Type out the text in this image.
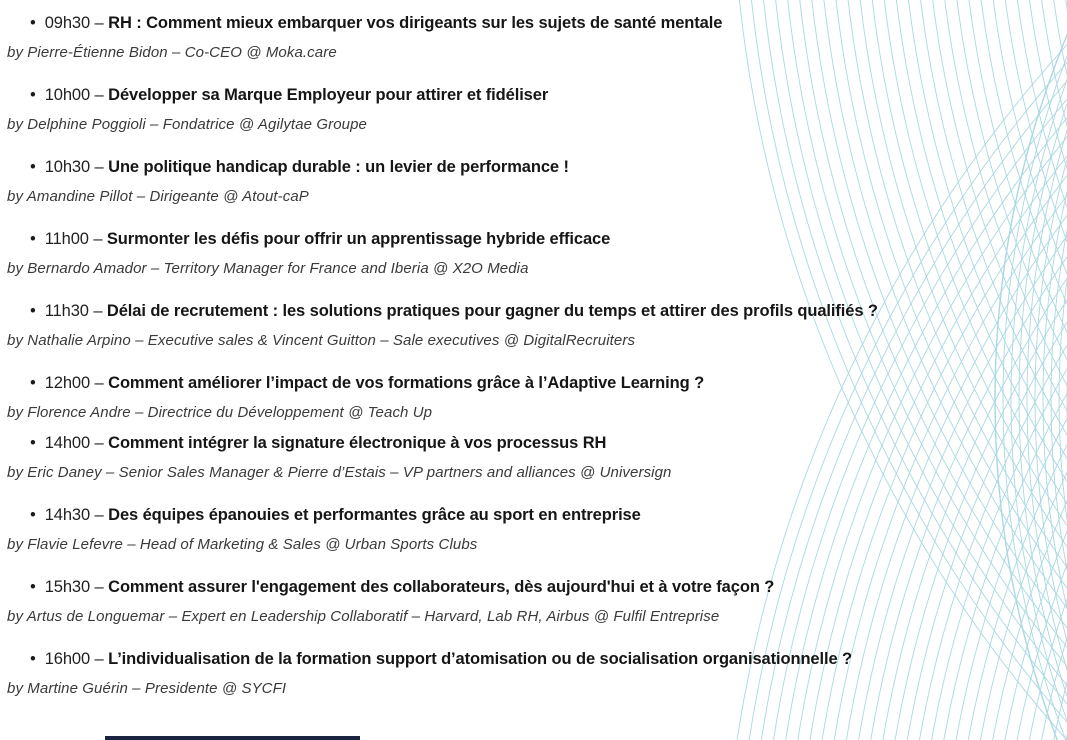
• 09h30 – RH : Comment mieux embarquer vos dirigeants sur les sujets de santé mentale
by Pierre-Étienne Bidon – Co-CEO @ Moka.care
• 10h00 – Développer sa Marque Employeur pour attirer et fidéliser
by Delphine Poggioli – Fondatrice @ Agilytae Groupe
• 10h30 – Une politique handicap durable : un levier de performance !
by Amandine Pillot – Dirigeante @ Atout-caP
• 11h00 – Surmonter les défis pour offrir un apprentissage hybride efficace
by Bernardo Amador – Territory Manager for France and Iberia @ X2O Media
• 11h30 – Délai de recrutement : les solutions pratiques pour gagner du temps et attirer des profils qualifiés ?
by Nathalie Arpino – Executive sales & Vincent Guitton – Sale executives @ DigitalRecruiters
• 12h00 – Comment améliorer l’impact de vos formations grâce à l’Adaptive Learning ?
by Florence Andre – Directrice du Développement @ Teach Up
• 14h00 – Comment intégrer la signature électronique à vos processus RH
by Eric Daney – Senior Sales Manager & Pierre d’Estais – VP partners and alliances @ Universign
• 14h30 – Des équipes épanouies et performantes grâce au sport en entreprise
by Flavie Lefevre – Head of Marketing & Sales @ Urban Sports Clubs
• 15h30 – Comment assurer l'engagement des collaborateurs, dès aujourd'hui et à votre façon ?
by Artus de Longuemar – Expert en Leadership Collaboratif – Harvard, Lab RH, Airbus @ Fulfil Entreprise
• 16h00 – L’individualisation de la formation support d’atomisation ou de socialisation organisationnelle ?
by Martine Guérin – Presidente @ SYCFI
